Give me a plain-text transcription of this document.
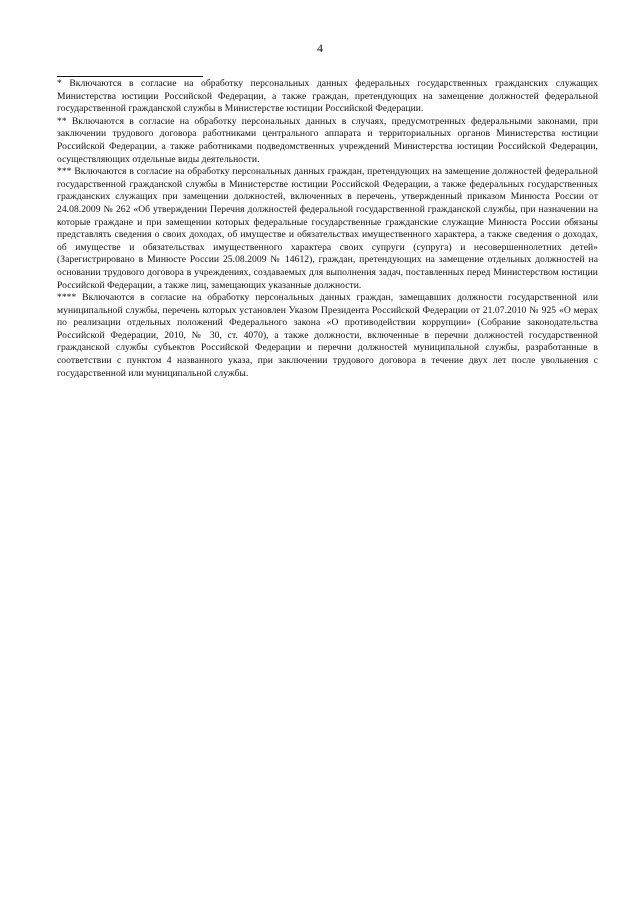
4

* Включаются в согласие на обработку персональных данных федеральных государственных гражданских служащих Министерства юстиции Российской Федерации, а также граждан, претендующих на замещение должностей федеральной государственной гражданской службы в Министерстве юстиции Российской Федерации.

** Включаются в согласие на обработку персональных данных в случаях, предусмотренных федеральными законами, при заключении трудового договора работниками центрального аппарата и территориальных органов Министерства юстиции Российской Федерации, а также работниками подведомственных учреждений Министерства юстиции Российской Федерации, осуществляющих отдельные виды деятельности.

*** Включаются в согласие на обработку персональных данных граждан, претендующих на замещение должностей федеральной государственной гражданской службы в Министерстве юстиции Российской Федерации, а также федеральных государственных гражданских служащих при замещении должностей, включенных в перечень, утвержденный приказом Минюста России от 24.08.2009 № 262 «Об утверждении Перечня должностей федеральной государственной гражданской службы, при назначении на которые граждане и при замещении которых федеральные государственные гражданские служащие Минюста России обязаны представлять сведения о своих доходах, об имуществе и обязательствах имущественного характера, а также сведения о доходах, об имуществе и обязательствах имущественного характера своих супруги (супруга) и несовершеннолетних детей» (Зарегистрировано в Минюсте России 25.08.2009 № 14612), граждан, претендующих на замещение отдельных должностей на основании трудового договора в учреждениях, создаваемых для выполнения задач, поставленных перед Министерством юстиции Российской Федерации, а также лиц, замещающих указанные должности.

**** Включаются в согласие на обработку персональных данных граждан, замещавших должности государственной или муниципальной службы, перечень которых установлен Указом Президента Российской Федерации от 21.07.2010 № 925 «О мерах по реализации отдельных положений Федерального закона «О противодействии коррупции» (Собрание законодательства Российской Федерации, 2010, № 30, ст. 4070), а также должности, включенные в перечни должностей государственной гражданской службы субъектов Российской Федерации и перечни должностей муниципальной службы, разработанные в соответствии с пунктом 4 названного указа, при заключении трудового договора в течение двух лет после увольнения с государственной или муниципальной службы.
